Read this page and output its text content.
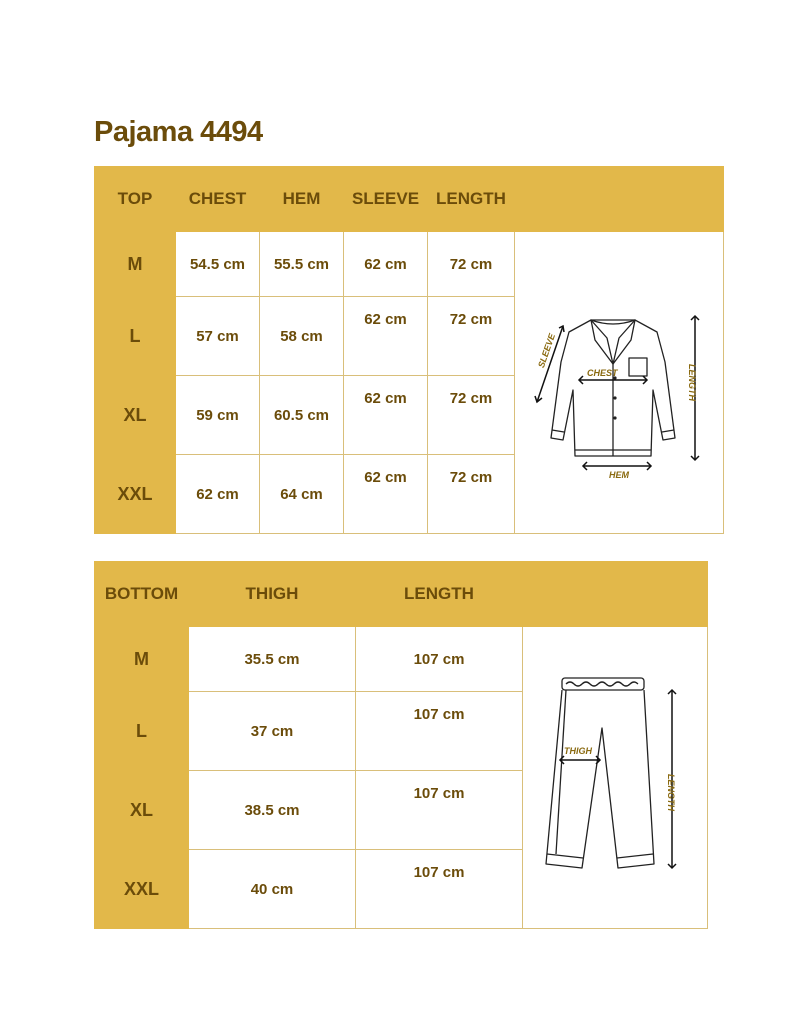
Pajama 4494
TOP	CHEST	HEM	SLEEVE	LENGTH	
M	54.5 cm	55.5 cm	62 cm	72 cm	SLEEVE
CHEST LENGTH
HEM

L	57 cm	58 cm	62 cm	72 cm	
XL	59 cm	60.5 cm	62 cm	72 cm	
XXL	62 cm	64 cm	62 cm	72 cm	
BOTTOM	THIGH	LENGTH	
M	35.5 cm	107 cm	THIGH
LENGTH

L	37 cm	107 cm	
XL	38.5 cm	107 cm	
XXL	40 cm	107 cm	
